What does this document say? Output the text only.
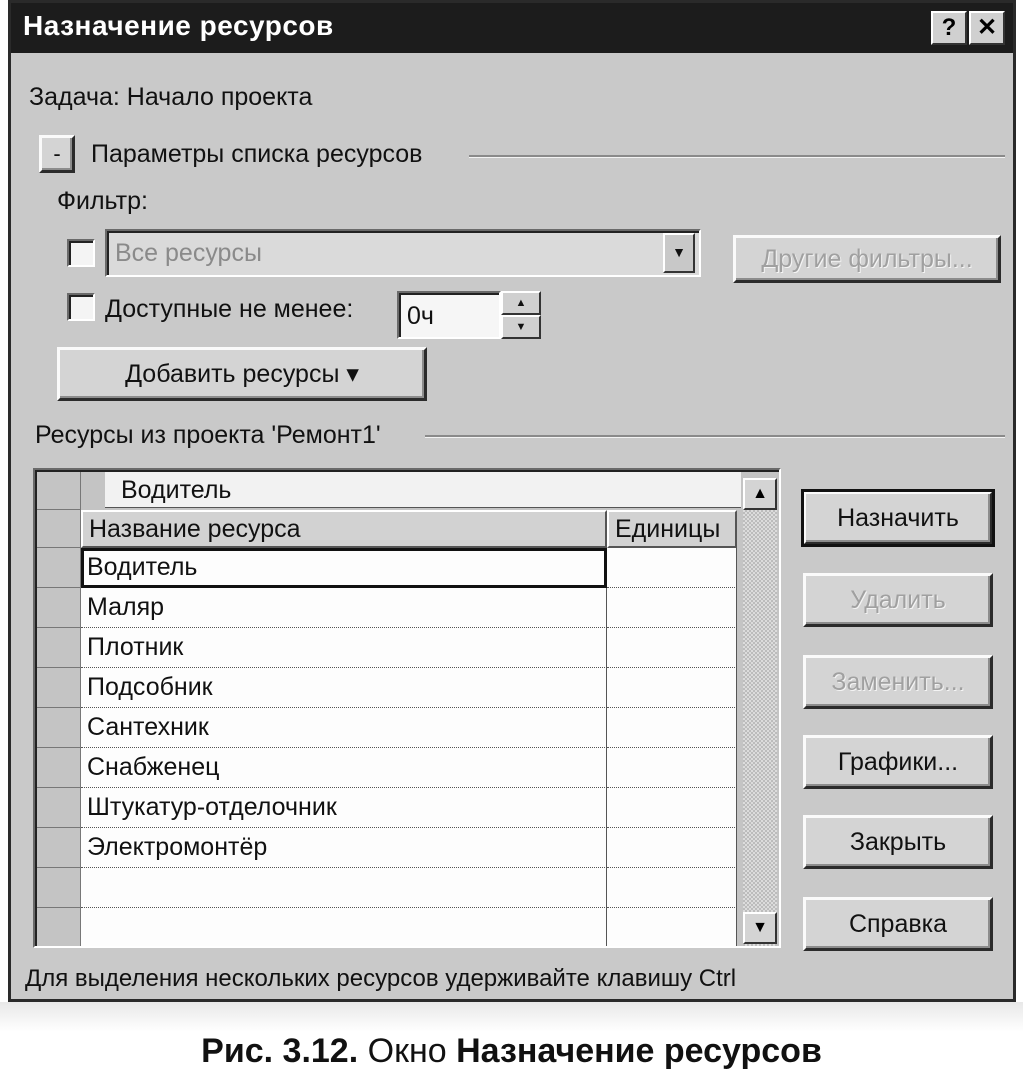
Назначение ресурсов	? ✕
Задача: Начало проекта
- Параметры списка ресурсов
Фильтр:
Все ресурсы	▼	Другие фильтры...
Доступные не менее: 0ч	▲
▼
Добавить ресурсы ▾
Ресурсы из проекта 'Ремонт1'
Водитель
Название ресурса	Единицы
Водитель
Маляр
Плотник
Подсобник
Сантехник
Снабженец
Штукатур-отделочник
Электромонтёр
▲
▼
Назначить
Удалить
Заменить...
Графики...
Закрыть
Справка
Для выделения нескольких ресурсов удерживайте клавишу Ctrl
Рис. 3.12. Окно Назначение ресурсов
